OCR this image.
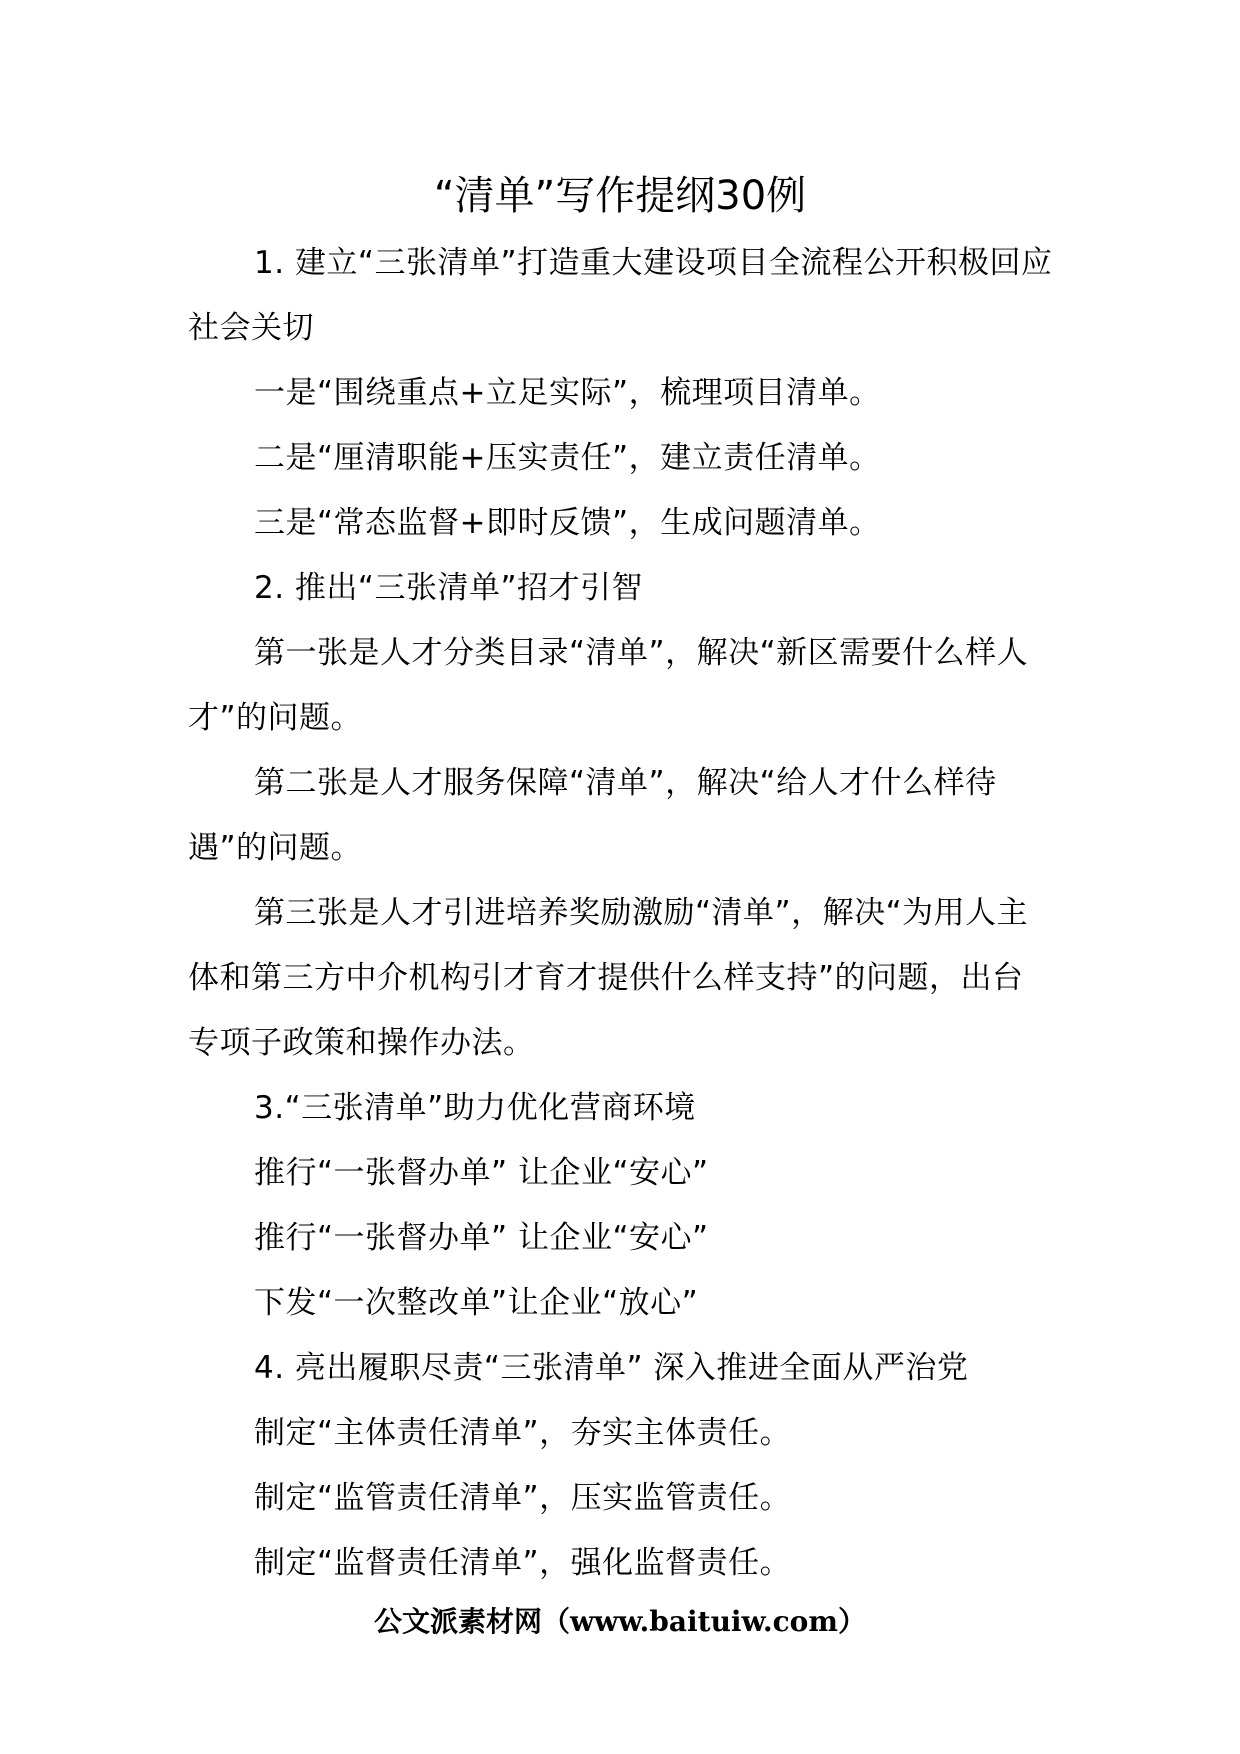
“清单”写作提纲30例

1. 建立“三张清单”打造重大建设项目全流程公开积极回应社会关切

一是“围绕重点+立足实际”，梳理项目清单。

二是“厘清职能+压实责任”，建立责任清单。

三是“常态监督+即时反馈”，生成问题清单。

2. 推出“三张清单”招才引智

第一张是人才分类目录“清单”，解决“新区需要什么样人才”的问题。

第二张是人才服务保障“清单”，解决“给人才什么样待遇”的问题。

第三张是人才引进培养奖励激励“清单”，解决“为用人主体和第三方中介机构引才育才提供什么样支持”的问题，出台专项子政策和操作办法。

3.“三张清单”助力优化营商环境

推行“一张督办单” 让企业“安心”

推行“一张督办单” 让企业“安心”

下发“一次整改单”让企业“放心”

4. 亮出履职尽责“三张清单” 深入推进全面从严治党

制定“主体责任清单”，夯实主体责任。

制定“监管责任清单”，压实监管责任。

制定“监督责任清单”，强化监督责任。

公文派素材网（www.baituiw.com）
